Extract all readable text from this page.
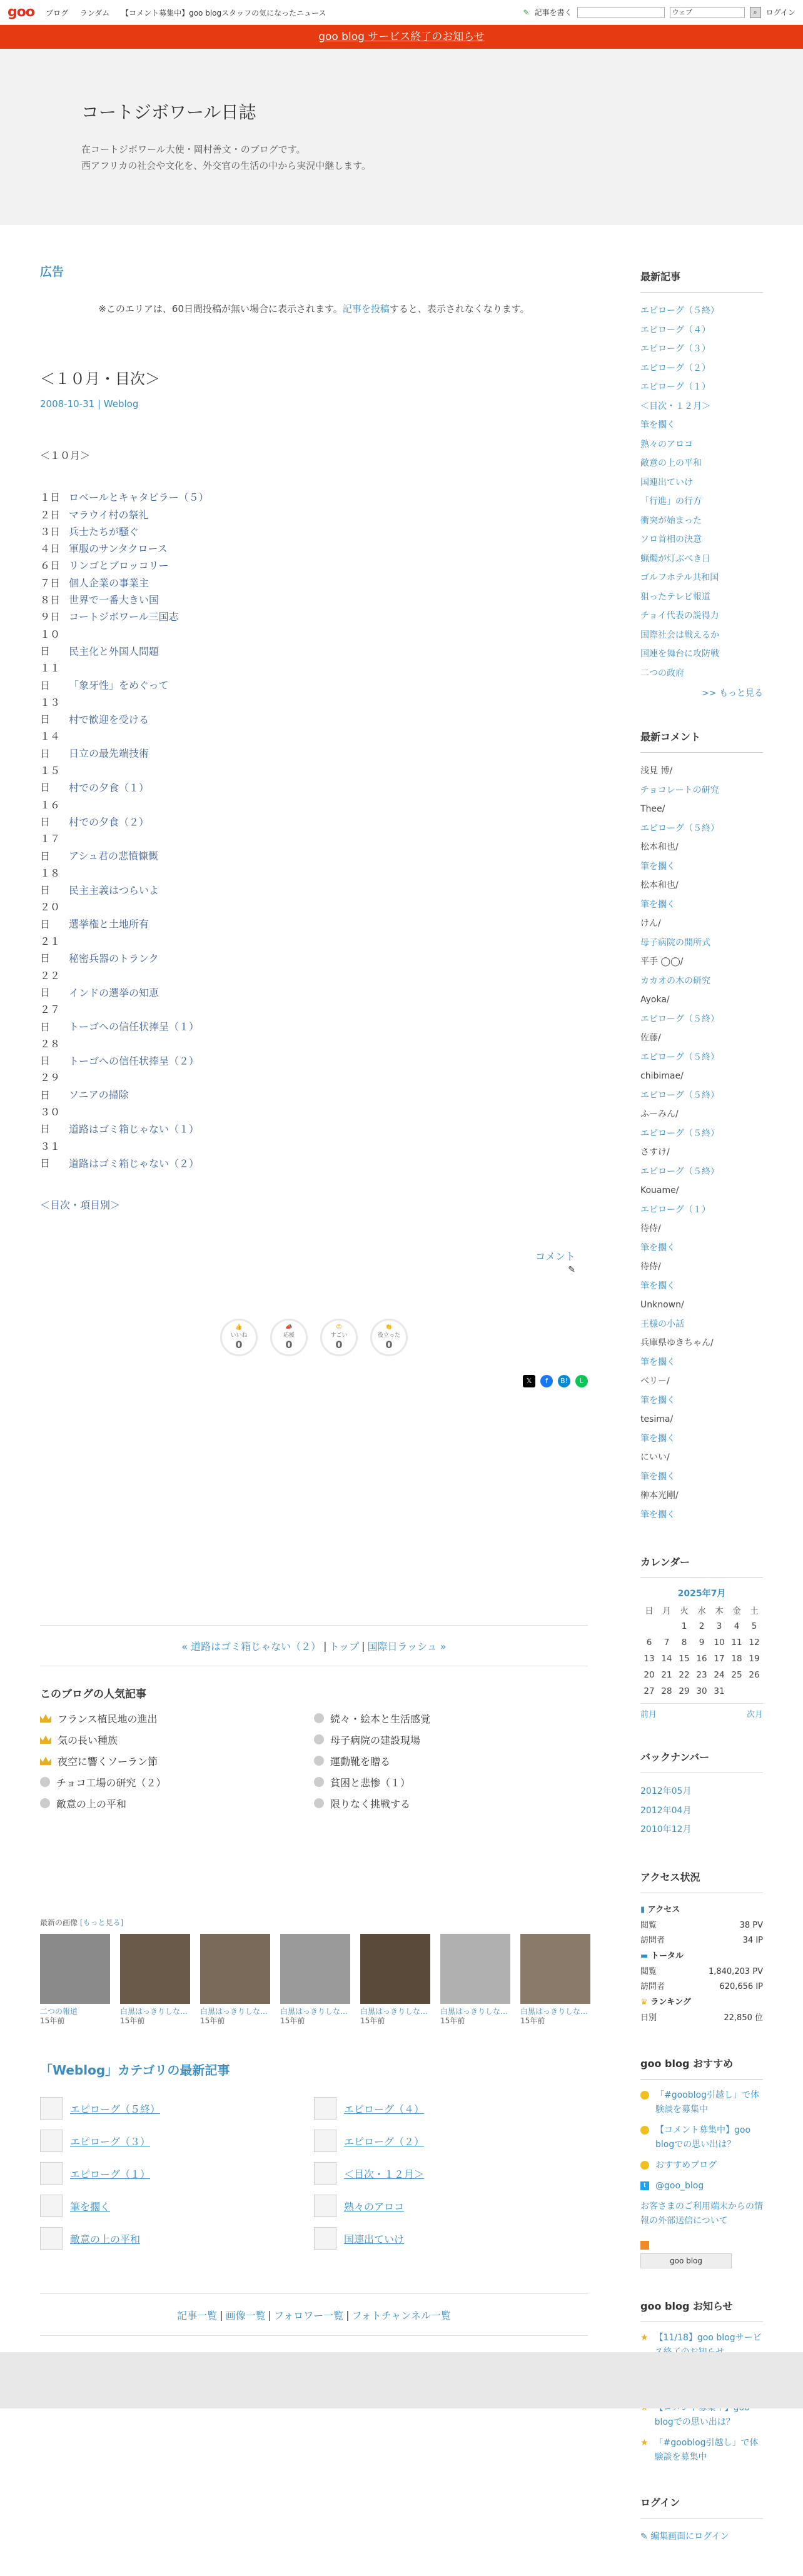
goo ブログ ランダム 【コメント募集中】goo blogスタッフの気になったニュース	✎ 記事を書く	ウェブ	⌕	ログイン
goo blog サービス終了のお知らせ
コートジボワール日誌
在コートジボワール大使・岡村善文・のブログです。
西アフリカの社会や文化を、外交官の生活の中から実況中継します。
広告
※このエリアは、60日間投稿が無い場合に表示されます。記事を投稿すると、表示されなくなります。
＜１０月・目次＞
2008-10-31 | Weblog

＜１０月＞

１日 ロベールとキャタピラー（５）

２日 マラウイ村の祭礼

３日 兵士たちが騒ぐ

４日 軍服のサンタクロース

６日 リンゴとブロッコリー

７日 個人企業の事業主

８日 世界で一番大きい国

９日 コートジボワール三国志

１０日 民主化と外国人問題

１１日 「象牙性」をめぐって

１３日 村で歓迎を受ける

１４日 日立の最先端技術

１５日 村での夕食（１）

１６日 村での夕食（２）

１７日 アシュ君の悲憤慷慨

１８日 民主主義はつらいよ

２０日 選挙権と土地所有

２１日 秘密兵器のトランク

２２日 インドの選挙の知恵

２７日 トーゴへの信任状捧呈（１）

２８日 トーゴへの信任状捧呈（２）

２９日 ソニアの掃除

３０日 道路はゴミ箱じゃない（１）

３１日 道路はゴミ箱じゃない（２）

＜目次・項目別＞

コメント
✎
👍
いいね
0
📣
応援
0
😍
すごい
0
👏
役立った
0
𝕏	f	B!	L
« 道路はゴミ箱じゃない（２） | トップ | 国際日ラッシュ »
このブログの人気記事
フランス植民地の進出	続々・絵本と生活感覚
気の長い種族	母子病院の建設現場
夜空に響くソーラン節	運動靴を贈る
チョコ工場の研究（２）	貧困と悲惨（１）
敵意の上の平和	限りなく挑戦する
最新の画像 [もっと見る]
二つの報道
15年前
白黒はっきりしな…
15年前
白黒はっきりしな…
15年前
白黒はっきりしな…
15年前
白黒はっきりしな…
15年前
白黒はっきりしな…
15年前
白黒はっきりしな…
15年前
「Weblog」カテゴリの最新記事
エピローグ（５終）	エピローグ（４）
エピローグ（３）	エピローグ（２）
エピローグ（１）	＜目次・１２月＞
筆を擱く	熟々のアロコ
敵意の上の平和	国連出ていけ
記事一覧 | 画像一覧 | フォロワー一覧 | フォトチャンネル一覧
最新記事
エピローグ（５終）
エピローグ（４）
エピローグ（３）
エピローグ（２）
エピローグ（１）
＜目次・１２月＞
筆を擱く
熟々のアロコ
敵意の上の平和
国連出ていけ
「行進」の行方
衝突が始まった
ソロ首相の決意
蝋燭が灯ぶべき日
ゴルフホテル共和国
狙ったテレビ報道
チョイ代表の説得力
国際社会は戦えるか
国連を舞台に攻防戦
二つの政府
>> もっと見る
最新コメント
浅見 博/
チョコレートの研究
Thee/
エピローグ（５終）
松本和也/
筆を擱く
松本和也/
筆を擱く
けん/
母子病院の開所式
平手 ◯◯/
カカオの木の研究
Ayoka/
エピローグ（５終）
佐藤/
エピローグ（５終）
chibimae/
エピローグ（５終）
ふーみん/
エピローグ（５終）
さすけ/
エピローグ（５終）
Kouame/
エピローグ（１）
待侍/
筆を擱く
待侍/
筆を擱く
Unknown/
王様の小話
兵庫県ゆきちゃん/
筆を擱く
ベリー/
筆を擱く
tesima/
筆を擱く
にいい/
筆を擱く
榊本光剛/
筆を擱く
カレンダー
2025年7月
日	月	火	水	木	金	土
		1	2	3	4	5
6	7	8	9	10	11	12
13	14	15	16	17	18	19
20	21	22	23	24	25	26
27	28	29	30	31		
前月	次月
バックナンバー
2012年05月
2012年04月
2010年12月
アクセス状況
▮ アクセス
閲覧	38 PV
訪問者	34 IP
▬ トータル
閲覧	1,840,203 PV
訪問者	620,656 IP
♛ ランキング
日別	22,850 位
goo blog おすすめ
「#gooblog引越し」で体験談を募集中
【コメント募集中】goo blogでの思い出は？
おすすめブログ
t	@goo_blog
お客さまのご利用端末からの情報の外部送信について
goo blog
goo blog お知らせ
★ 【11/18】goo blogサービ
blogでの思い出は？
★ 「#gooblog引越し」で体験談を募集中
ログイン
✎ 編集画面にログイン
